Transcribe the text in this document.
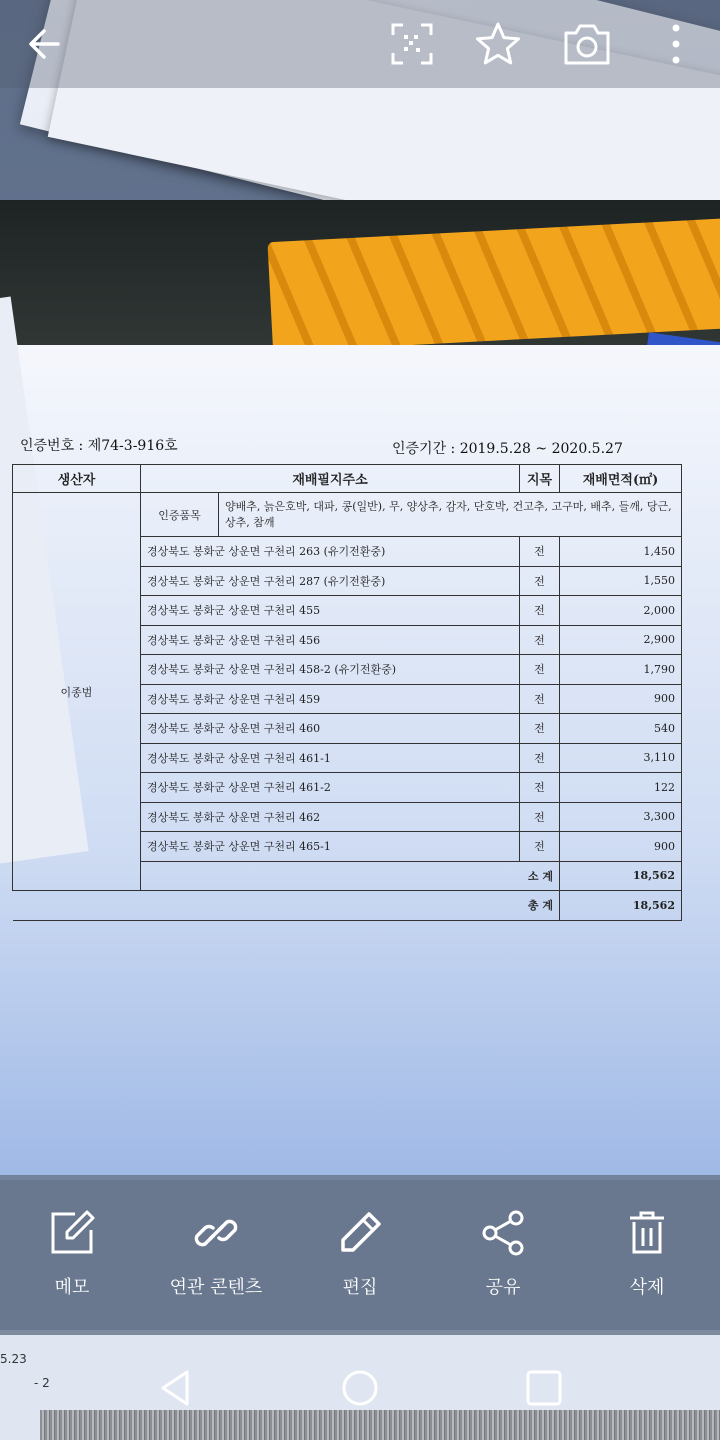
인증번호 : 제74-3-916호	인증기간 : 2019.5.28 ~ 2020.5.27
생산자	재배필지주소		지목	재배면적(㎡)
이종범	인증품목	양배추, 늙은호박, 대파, 콩(일반), 무, 양상추, 감자, 단호박, 건고추, 고구마, 배추, 들깨, 당근, 상추, 참깨		
	경상북도 봉화군 상운면 구천리 263 (유기전환중)		전	1,450
	경상북도 봉화군 상운면 구천리 287 (유기전환중)		전	1,550
	경상북도 봉화군 상운면 구천리 455		전	2,000
	경상북도 봉화군 상운면 구천리 456		전	2,900
	경상북도 봉화군 상운면 구천리 458-2 (유기전환중)		전	1,790
	경상북도 봉화군 상운면 구천리 459		전	900
	경상북도 봉화군 상운면 구천리 460		전	540
	경상북도 봉화군 상운면 구천리 461-1		전	3,110
	경상북도 봉화군 상운면 구천리 461-2		전	122
	경상북도 봉화군 상운면 구천리 462		전	3,300
	경상북도 봉화군 상운면 구천리 465-1		전	900
	소 계			18,562
총 계				18,562
5.23
- 2
메모	연관 콘텐츠	편집	공유	삭제
